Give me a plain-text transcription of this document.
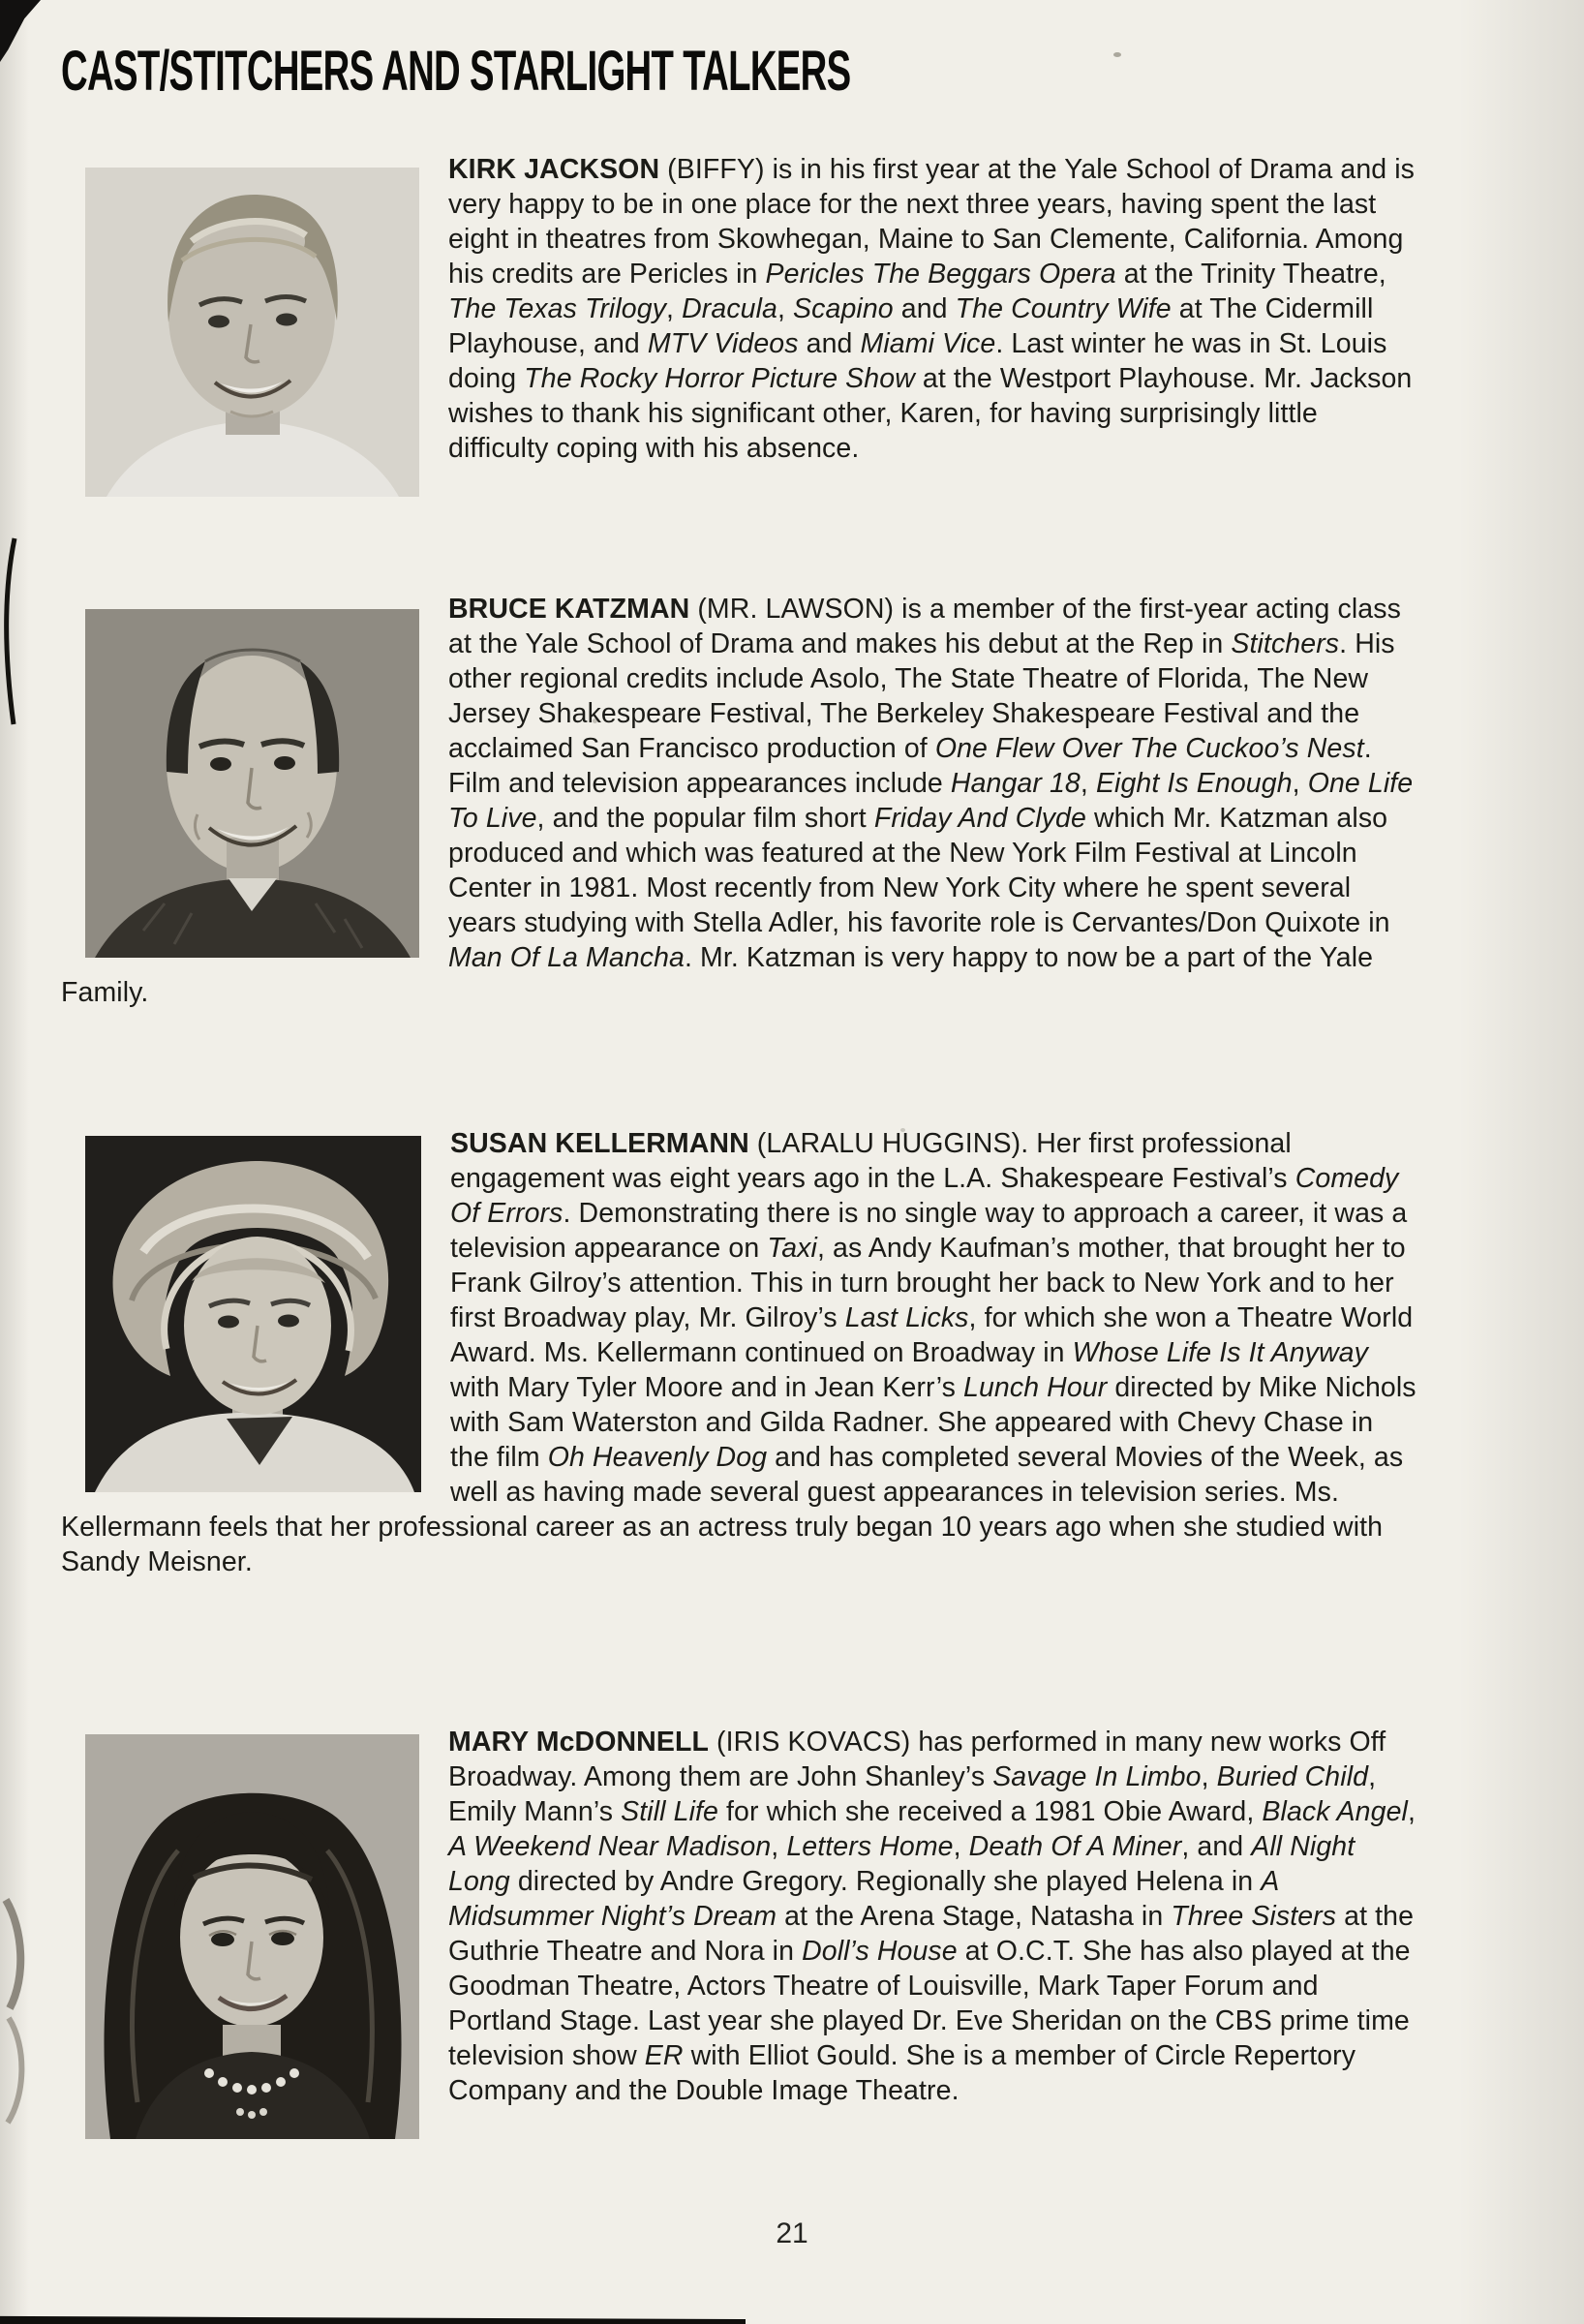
CAST/STITCHERS AND STARLIGHT TALKERS

KIRK JACKSON (BIFFY) is in his first year at the Yale School of Drama and is very happy to be in one place for the next three years, having spent the last eight in theatres from Skowhegan, Maine to San Clemente, California. Among his credits are Pericles in Pericles The Beggars Opera at the Trinity Theatre, The Texas Trilogy, Dracula, Scapino and The Country Wife at The Cidermill Playhouse, and MTV Videos and Miami Vice. Last winter he was in St. Louis doing The Rocky Horror Picture Show at the Westport Playhouse. Mr. Jackson wishes to thank his significant other, Karen, for having surprisingly little difficulty coping with his absence.

BRUCE KATZMAN (MR. LAWSON) is a member of the first-year acting class at the Yale School of Drama and makes his debut at the Rep in Stitchers. His other regional credits include Asolo, The State Theatre of Florida, The New Jersey Shakespeare Festival, The Berkeley Shakespeare Festival and the acclaimed San Francisco production of One Flew Over The Cuckoo’s Nest. Film and television appearances include Hangar 18, Eight Is Enough, One Life To Live, and the popular film short Friday And Clyde which Mr. Katzman also produced and which was featured at the New York Film Festival at Lincoln Center in 1981. Most recently from New York City where he spent several years studying with Stella Adler, his favorite role is Cervantes/Don Quixote in Man Of La Mancha. Mr. Katzman is very happy to now be a part of the Yale Family.

SUSAN KELLERMANN (LARALU HUGGINS). Her first professional engagement was eight years ago in the L.A. Shakespeare Festival’s Comedy Of Errors. Demonstrating there is no single way to approach a career, it was a television appearance on Taxi, as Andy Kaufman’s mother, that brought her to Frank Gilroy’s attention. This in turn brought her back to New York and to her first Broadway play, Mr. Gilroy’s Last Licks, for which she won a Theatre World Award. Ms. Kellermann continued on Broadway in Whose Life Is It Anyway with Mary Tyler Moore and in Jean Kerr’s Lunch Hour directed by Mike Nichols with Sam Waterston and Gilda Radner. She appeared with Chevy Chase in the film Oh Heavenly Dog and has completed several Movies of the Week, as well as having made several guest appearances in television series. Ms. Kellermann feels that her professional career as an actress truly began 10 years ago when she studied with Sandy Meisner.

MARY McDONNELL (IRIS KOVACS) has performed in many new works Off Broadway. Among them are John Shanley’s Savage In Limbo, Buried Child, Emily Mann’s Still Life for which she received a 1981 Obie Award, Black Angel, A Weekend Near Madison, Letters Home, Death Of A Miner, and All Night Long directed by Andre Gregory. Regionally she played Helena in A Midsummer Night’s Dream at the Arena Stage, Natasha in Three Sisters at the Guthrie Theatre and Nora in Doll’s House at O.C.T. She has also played at the Goodman Theatre, Actors Theatre of Louisville, Mark Taper Forum and Portland Stage. Last year she played Dr. Eve Sheridan on the CBS prime time television show ER with Elliot Gould. She is a member of Circle Repertory Company and the Double Image Theatre.

21
